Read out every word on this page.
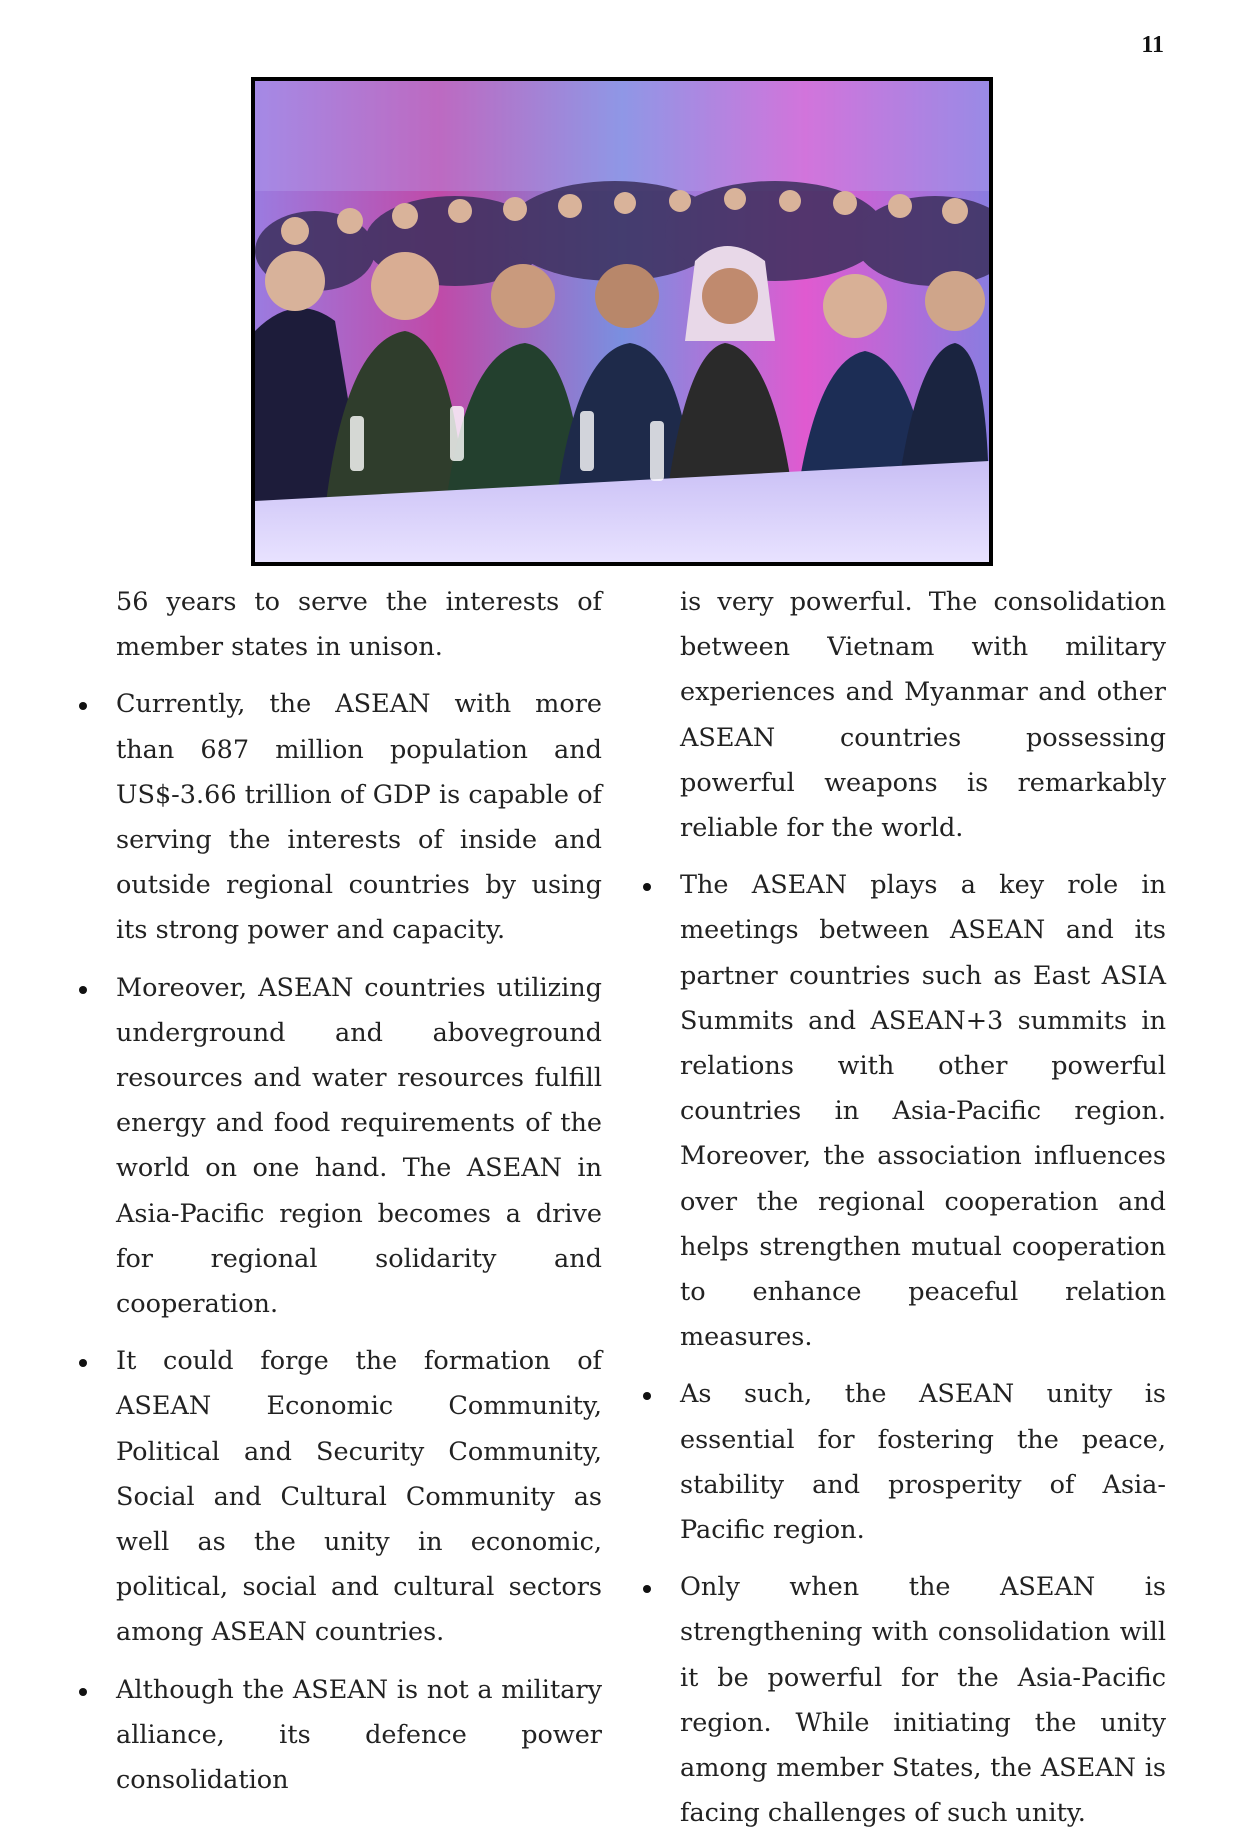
11

56 years to serve the interests of member states in unison.

Currently, the ASEAN with more than 687 million population and US$-3.66 trillion of GDP is capable of serving the interests of inside and outside regional countries by using its strong power and capacity.
Moreover, ASEAN countries utilizing underground and aboveground resources and water resources fulfill energy and food requirements of the world on one hand. The ASEAN in Asia-Pacific region becomes a drive for regional solidarity and cooperation.
It could forge the formation of ASEAN Economic Community, Political and Security Community, Social and Cultural Community as well as the unity in economic, political, social and cultural sectors among ASEAN countries.
Although the ASEAN is not a military alliance, its defence power consolidation

is very powerful. The consolidation between Vietnam with military experiences and Myanmar and other ASEAN countries possessing powerful weapons is remarkably reliable for the world.

The ASEAN plays a key role in meetings between ASEAN and its partner countries such as East ASIA Summits and ASEAN+3 summits in relations with other powerful countries in Asia-Pacific region. Moreover, the association influences over the regional cooperation and helps strengthen mutual cooperation to enhance peaceful relation measures.
As such, the ASEAN unity is essential for fostering the peace, stability and prosperity of Asia-Pacific region.
Only when the ASEAN is strengthening with consolidation will it be powerful for the Asia-Pacific region. While initiating the unity among member States, the ASEAN is facing challenges of such unity.
